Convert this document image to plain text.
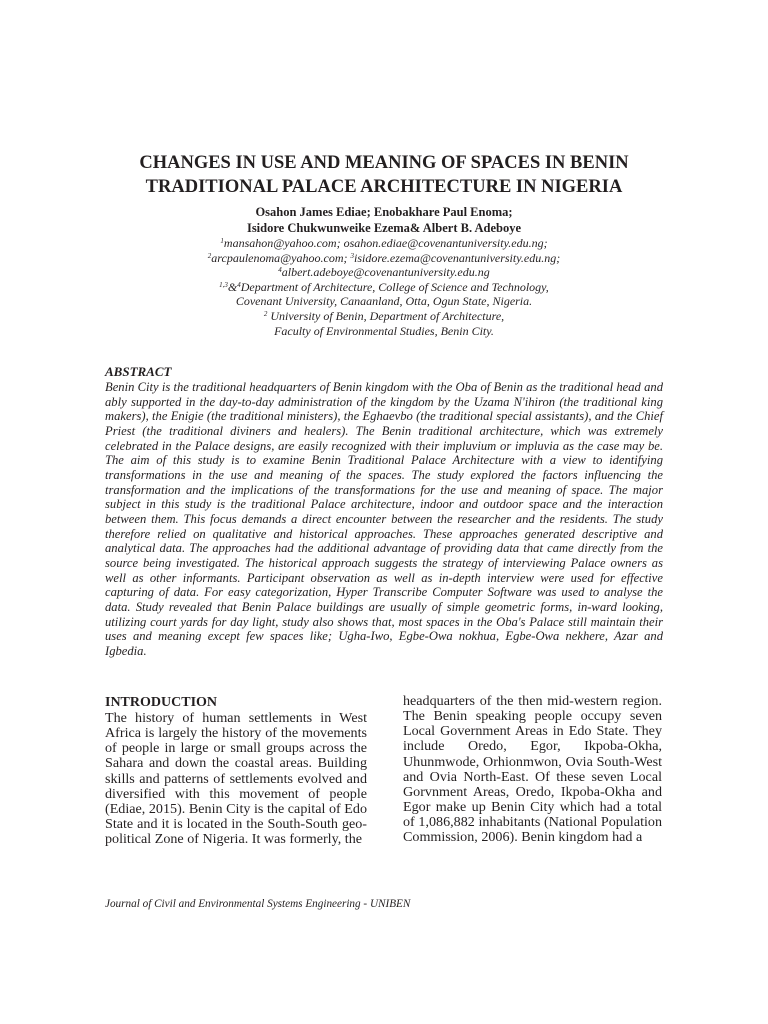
CHANGES IN USE AND MEANING OF SPACES IN BENIN
TRADITIONAL PALACE ARCHITECTURE IN NIGERIA
Osahon James Ediae; Enobakhare Paul Enoma;
Isidore Chukwunweike Ezema& Albert B. Adeboye
$^1$mansahon@yahoo.com; osahon.ediae@covenantuniversity.edu.ng;
$^2$arcpaulenoma@yahoo.com; $^3$isidore.ezema@covenantuniversity.edu.ng;
$^4$albert.adeboye@covenantuniversity.edu.ng
$^{1,3}$&$^4$Department of Architecture, College of Science and Technology,
Covenant University, Canaanland, Otta, Ogun State, Nigeria.
$^2$ University of Benin, Department of Architecture,
Faculty of Environmental Studies, Benin City.
ABSTRACT
Benin City is the traditional headquarters of Benin kingdom with the Oba of Benin as the traditional head and ably supported in the day-to-day administration of the kingdom by the Uzama N'ihiron (the traditional king makers), the Enigie (the traditional ministers), the Eghaevbo (the traditional special assistants), and the Chief Priest (the traditional diviners and healers). The Benin traditional architecture, which was extremely celebrated in the Palace designs, are easily recognized with their impluvium or impluvia as the case may be. The aim of this study is to examine Benin Traditional Palace Architecture with a view to identifying transformations in the use and meaning of the spaces. The study explored the factors influencing the transformation and the implications of the transformations for the use and meaning of space. The major subject in this study is the traditional Palace architecture, indoor and outdoor space and the interaction between them. This focus demands a direct encounter between the researcher and the residents. The study therefore relied on qualitative and historical approaches. These approaches generated descriptive and analytical data. The approaches had the additional advantage of providing data that came directly from the source being investigated. The historical approach suggests the strategy of interviewing Palace owners as well as other informants. Participant observation as well as in-depth interview were used for effective capturing of data. For easy categorization, Hyper Transcribe Computer Software was used to analyse the data. Study revealed that Benin Palace buildings are usually of simple geometric forms, in-ward looking, utilizing court yards for day light, study also shows that, most spaces in the Oba's Palace still maintain their uses and meaning except few spaces like; Ugha-Iwo, Egbe-Owa nokhua, Egbe-Owa nekhere, Azar and Igbedia.
INTRODUCTION
The history of human settlements in West Africa is largely the history of the movements of people in large or small groups across the Sahara and down the coastal areas. Building skills and patterns of settlements evolved and diversified with this movement of people (Ediae, 2015). Benin City is the capital of Edo State and it is located in the South-South geo-political Zone of Nigeria. It was formerly, the
headquarters of the then mid-western region. The Benin speaking people occupy seven Local Government Areas in Edo State. They include Oredo, Egor, Ikpoba-Okha, Uhunmwode, Orhionmwon, Ovia South-West and Ovia North-East. Of these seven Local Gorvnment Areas, Oredo, Ikpoba-Okha and Egor make up Benin City which had a total of 1,086,882 inhabitants (National Population Commission, 2006). Benin kingdom had a
Journal of Civil and Environmental Systems Engineering - UNIBEN
